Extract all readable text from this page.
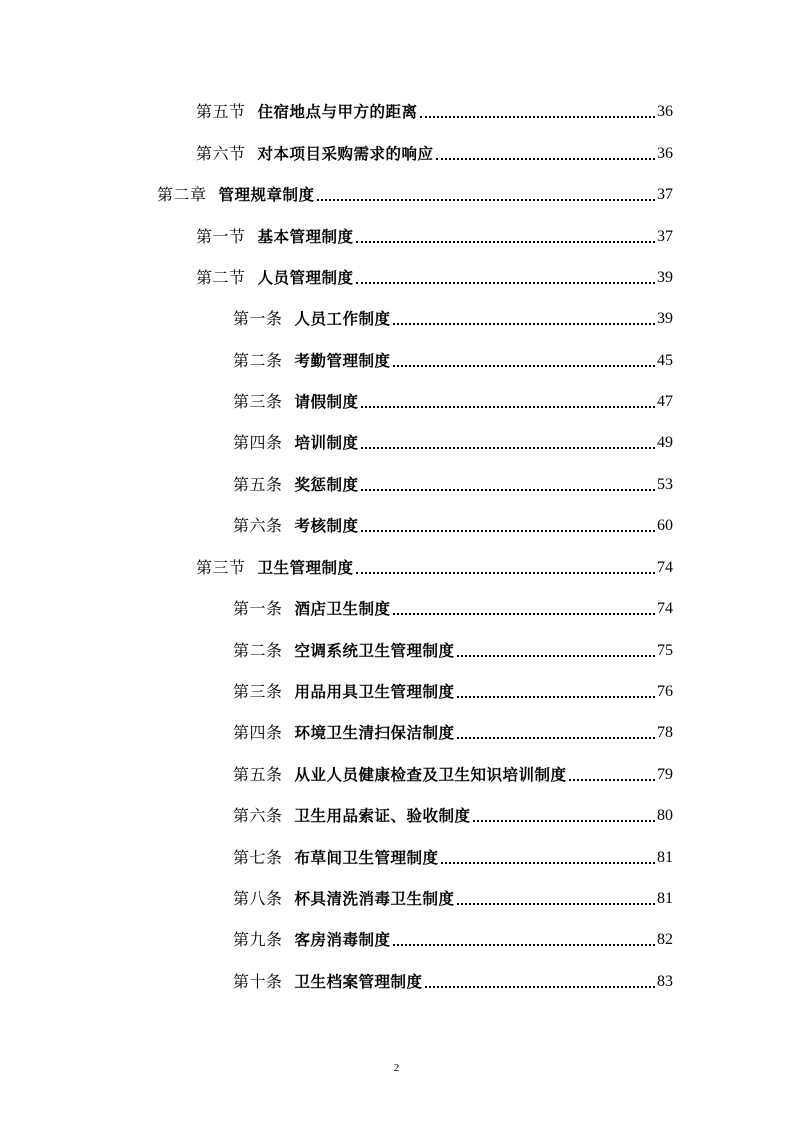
第五节 住宿地点与甲方的距离	36
第六节 对本项目采购需求的响应	36
第二章 管理规章制度	37
第一节 基本管理制度	37
第二节 人员管理制度	39
第一条 人员工作制度	39
第二条 考勤管理制度	45
第三条 请假制度	47
第四条 培训制度	49
第五条 奖惩制度	53
第六条 考核制度	60
第三节 卫生管理制度	74
第一条 酒店卫生制度	74
第二条 空调系统卫生管理制度	75
第三条 用品用具卫生管理制度	76
第四条 环境卫生清扫保洁制度	78
第五条 从业人员健康检查及卫生知识培训制度	79
第六条 卫生用品索证、验收制度	80
第七条 布草间卫生管理制度	81
第八条 杯具清洗消毒卫生制度	81
第九条 客房消毒制度	82
第十条 卫生档案管理制度	83
2
